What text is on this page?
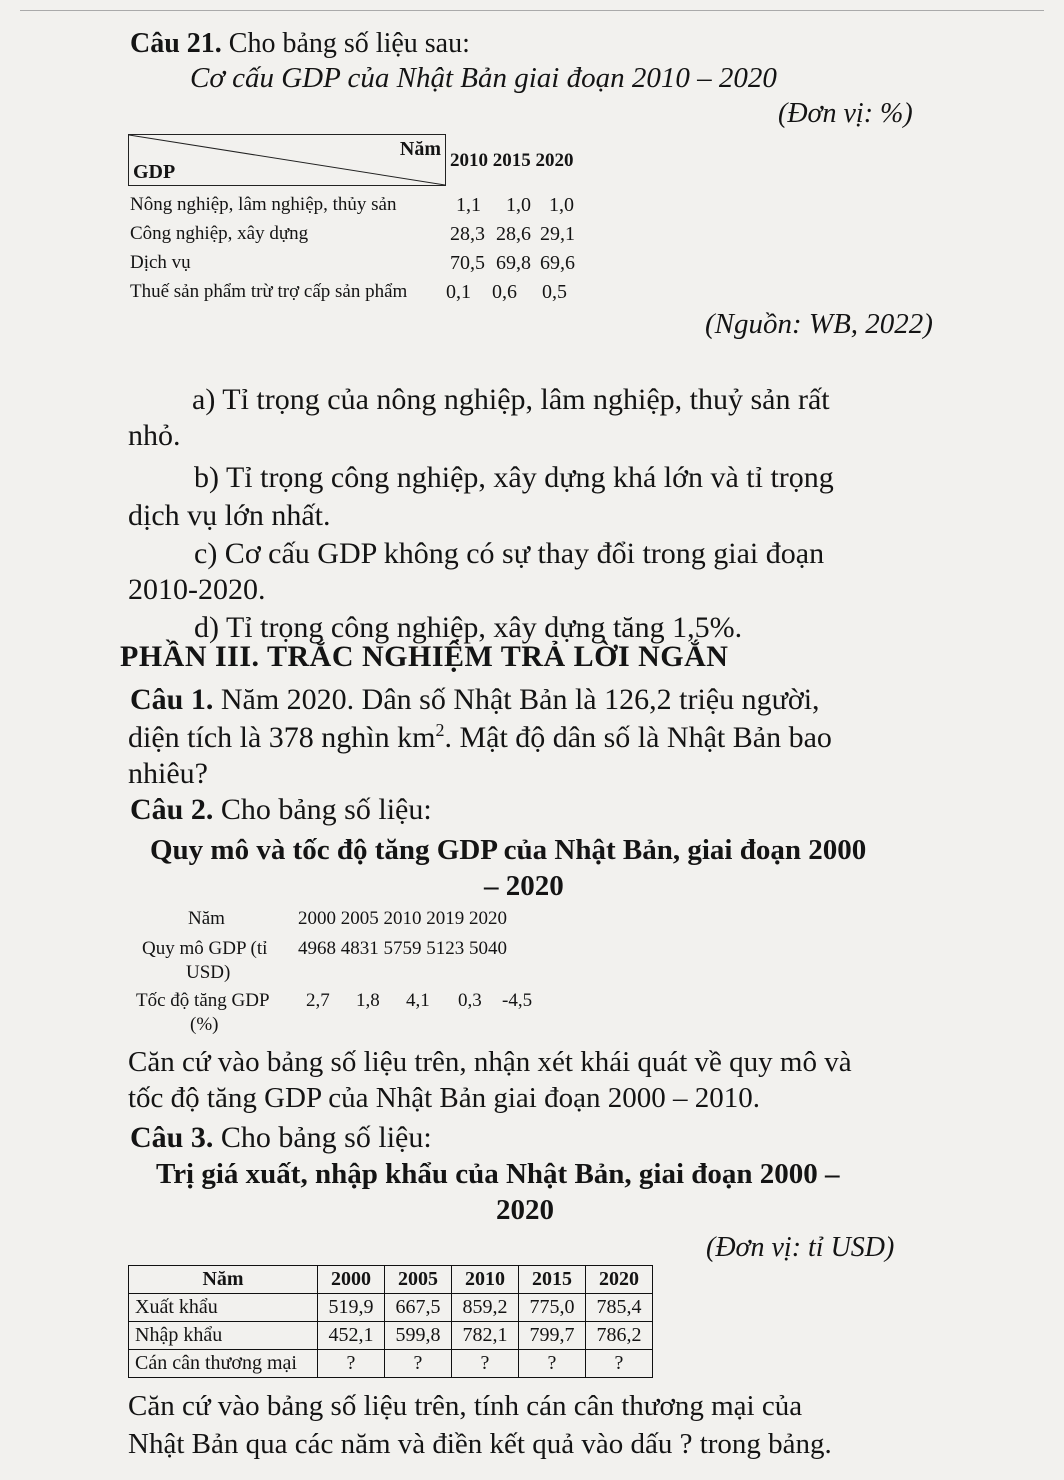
Câu 21. Cho bảng số liệu sau:
Cơ cấu GDP của Nhật Bản giai đoạn 2010 – 2020
(Đơn vị: %)
Năm
GDP
2010 2015 2020
Nông nghiệp, lâm nghiệp, thủy sản	1,1 1,0 1,0
Công nghiệp, xây dựng	28,3 28,6 29,1
Dịch vụ	70,5 69,8 69,6
Thuế sản phẩm trừ trợ cấp sản phẩm 0,1 0,6 0,5
(Nguồn: WB, 2022)
a) Tỉ trọng của nông nghiệp, lâm nghiệp, thuỷ sản rất
nhỏ.
b) Tỉ trọng công nghiệp, xây dựng khá lớn và tỉ trọng
dịch vụ lớn nhất.
c) Cơ cấu GDP không có sự thay đổi trong giai đoạn
2010-2020.
d) Tỉ trọng công nghiệp, xây dựng tăng 1,5%.
PHẦN III. TRẮC NGHIỆM TRẢ LỜI NGẮN
Câu 1. Năm 2020. Dân số Nhật Bản là 126,2 triệu người,
diện tích là 378 nghìn $km^2$. Mật độ dân số là Nhật Bản bao
nhiêu?
Câu 2. Cho bảng số liệu:
Quy mô và tốc độ tăng GDP của Nhật Bản, giai đoạn 2000
– 2020
Năm	2000 2005 2010 2019 2020
Quy mô GDP (tỉ 4968 4831 5759 5123 5040
USD)
Tốc độ tăng GDP 2,7 1,8 4,1 0,3 -4,5
(%)
Căn cứ vào bảng số liệu trên, nhận xét khái quát về quy mô và
tốc độ tăng GDP của Nhật Bản giai đoạn 2000 – 2010.
Câu 3. Cho bảng số liệu:
Trị giá xuất, nhập khẩu của Nhật Bản, giai đoạn 2000 –
2020
(Đơn vị: tỉ USD)
Năm	2000	2005	2010	2015	2020
Xuất khẩu	519,9	667,5	859,2	775,0	785,4
Nhập khẩu	452,1	599,8	782,1	799,7	786,2
Cán cân thương mại	?	?	?	?	?
Căn cứ vào bảng số liệu trên, tính cán cân thương mại của
Nhật Bản qua các năm và điền kết quả vào dấu ? trong bảng.
